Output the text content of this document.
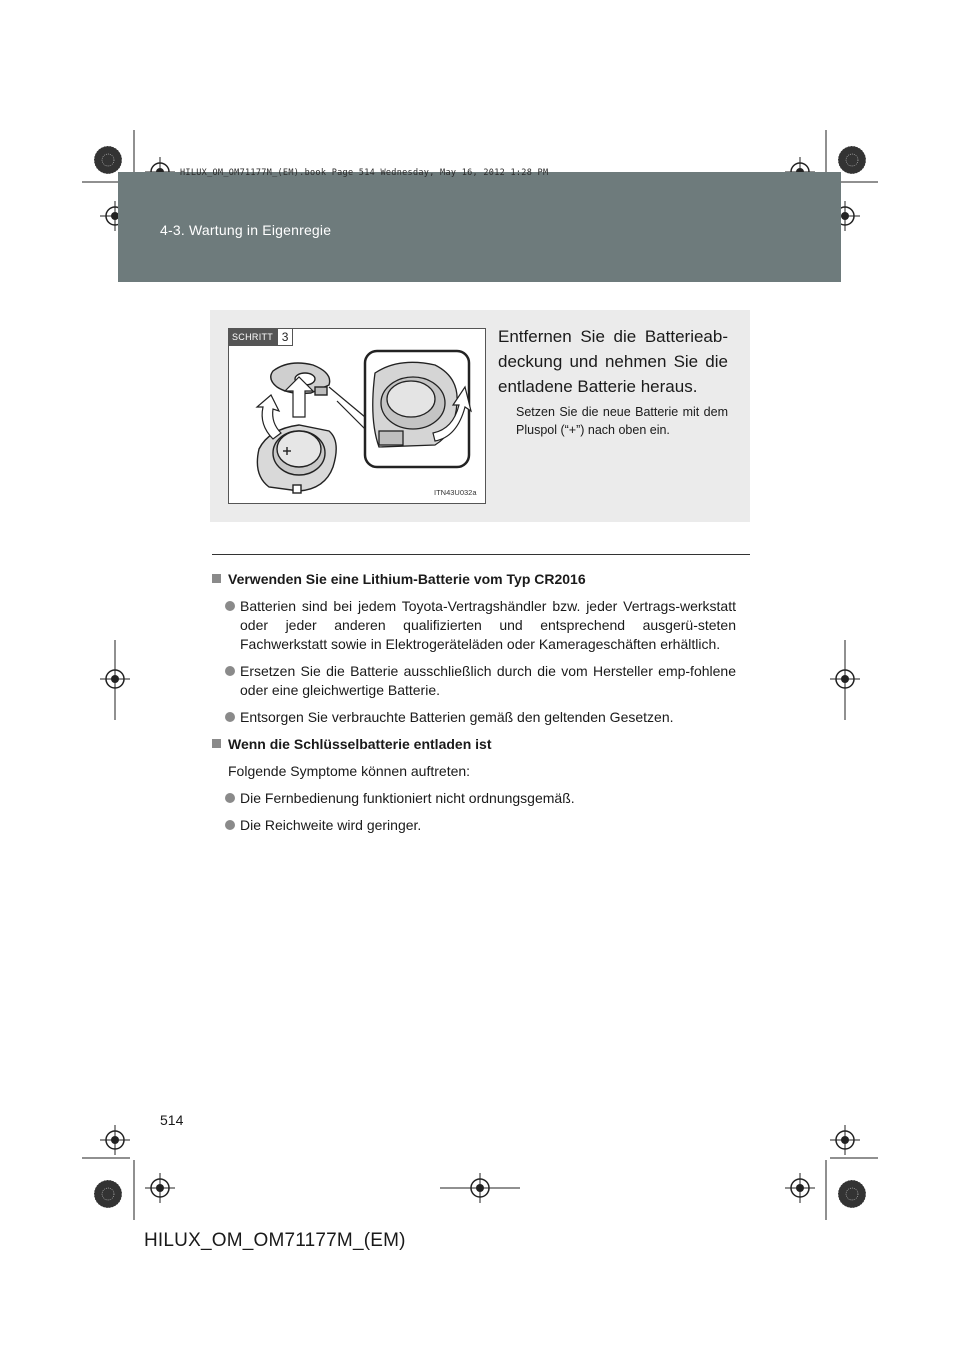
HILUX_OM_OM71177M_(EM).book Page 514 Wednesday, May 16, 2012 1:28 PM
4-3. Wartung in Eigenregie
SCHRITT 3
ITN43U032a
Entfernen Sie die Batterieab-deckung und nehmen Sie die entladene Batterie heraus.
Setzen Sie die neue Batterie mit dem Pluspol (“+”) nach oben ein.
Verwenden Sie eine Lithium-Batterie vom Typ CR2016
Batterien sind bei jedem Toyota-Vertragshändler bzw. jeder Vertrags-werkstatt oder jeder anderen qualifizierten und entsprechend ausgerü-steten Fachwerkstatt sowie in Elektrogeräteläden oder Kamerageschäften erhältlich.
Ersetzen Sie die Batterie ausschließlich durch die vom Hersteller emp-fohlene oder eine gleichwertige Batterie.
Entsorgen Sie verbrauchte Batterien gemäß den geltenden Gesetzen.
Wenn die Schlüsselbatterie entladen ist
Folgende Symptome können auftreten:
Die Fernbedienung funktioniert nicht ordnungsgemäß.
Die Reichweite wird geringer.
514
HILUX_OM_OM71177M_(EM)
